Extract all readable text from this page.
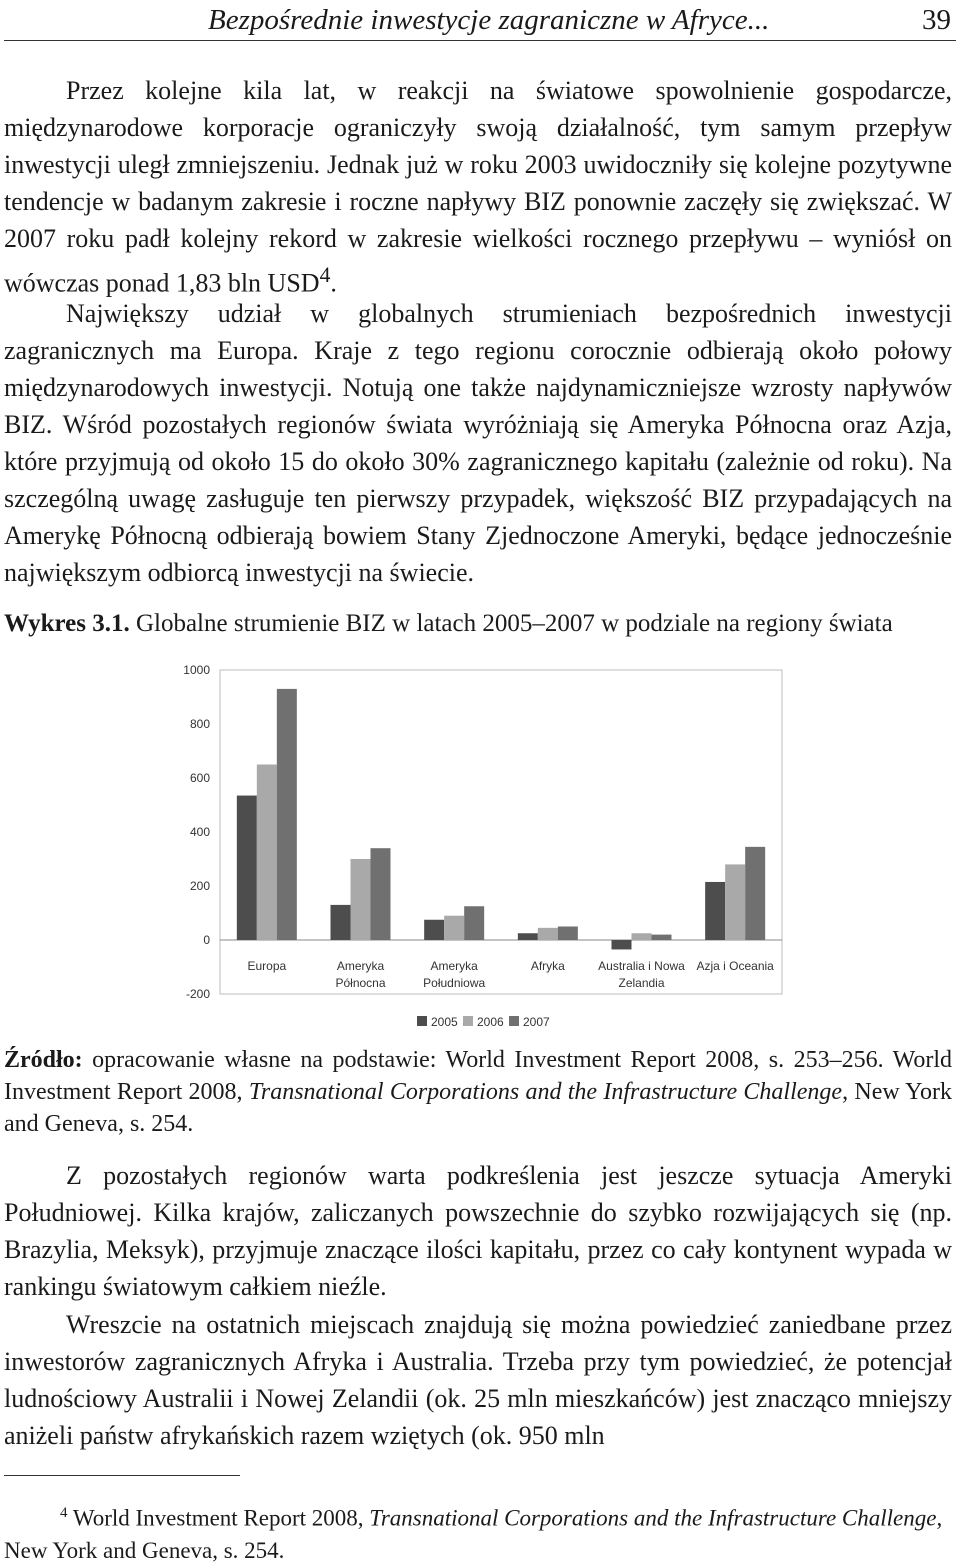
Bezpośrednie inwestycje zagraniczne w Afryce...	39

Przez kolejne kila lat, w reakcji na światowe spowolnienie gospodarcze, międzynarodowe korporacje ograniczyły swoją działalność, tym samym przepływ inwestycji uległ zmniejszeniu. Jednak już w roku 2003 uwidoczniły się kolejne pozytywne tendencje w badanym zakresie i roczne napływy BIZ ponownie zaczęły się zwiększać. W 2007 roku padł kolejny rekord w zakresie wielkości rocznego przepływu – wyniósł on wówczas ponad 1,83 bln USD$^4$.

Największy udział w globalnych strumieniach bezpośrednich inwestycji zagranicznych ma Europa. Kraje z tego regionu corocznie odbierają około połowy międzynarodowych inwestycji. Notują one także najdynamiczniejsze wzrosty napływów BIZ. Wśród pozostałych regionów świata wyróżniają się Ameryka Północna oraz Azja, które przyjmują od około 15 do około 30% zagranicznego kapitału (zależnie od roku). Na szczególną uwagę zasługuje ten pierwszy przypadek, większość BIZ przypadających na Amerykę Północną odbierają bowiem Stany Zjednoczone Ameryki, będące jednocześnie największym odbiorcą inwestycji na świecie.

Wykres 3.1. Globalne strumienie BIZ w latach 2005–2007 w podziale na regiony świata

-200
0
200
400
600
800
1000
Europa	Ameryka Północna
Ameryka Południowa
Afryka	Australia i Nowa Zelandia
Azja i Oceania
2005 2006 2007

Źródło: opracowanie własne na podstawie: World Investment Report 2008, s. 253–256. World Investment Report 2008, Transnational Corporations and the Infrastructure Challenge, New York and Geneva, s. 254.

Z pozostałych regionów warta podkreślenia jest jeszcze sytuacja Ameryki Południowej. Kilka krajów, zaliczanych powszechnie do szybko rozwijających się (np. Brazylia, Meksyk), przyjmuje znaczące ilości kapitału, przez co cały kontynent wypada w rankingu światowym całkiem nieźle.

Wreszcie na ostatnich miejscach znajdują się można powiedzieć zaniedbane przez inwestorów zagranicznych Afryka i Australia. Trzeba przy tym powiedzieć, że potencjał ludnościowy Australii i Nowej Zelandii (ok. 25 mln mieszkańców) jest znacząco mniejszy aniżeli państw afrykańskich razem wziętych (ok. 950 mln

$^4$ World Investment Report 2008, Transnational Corporations and the Infrastructure Challenge, New York and Geneva, s. 254.
